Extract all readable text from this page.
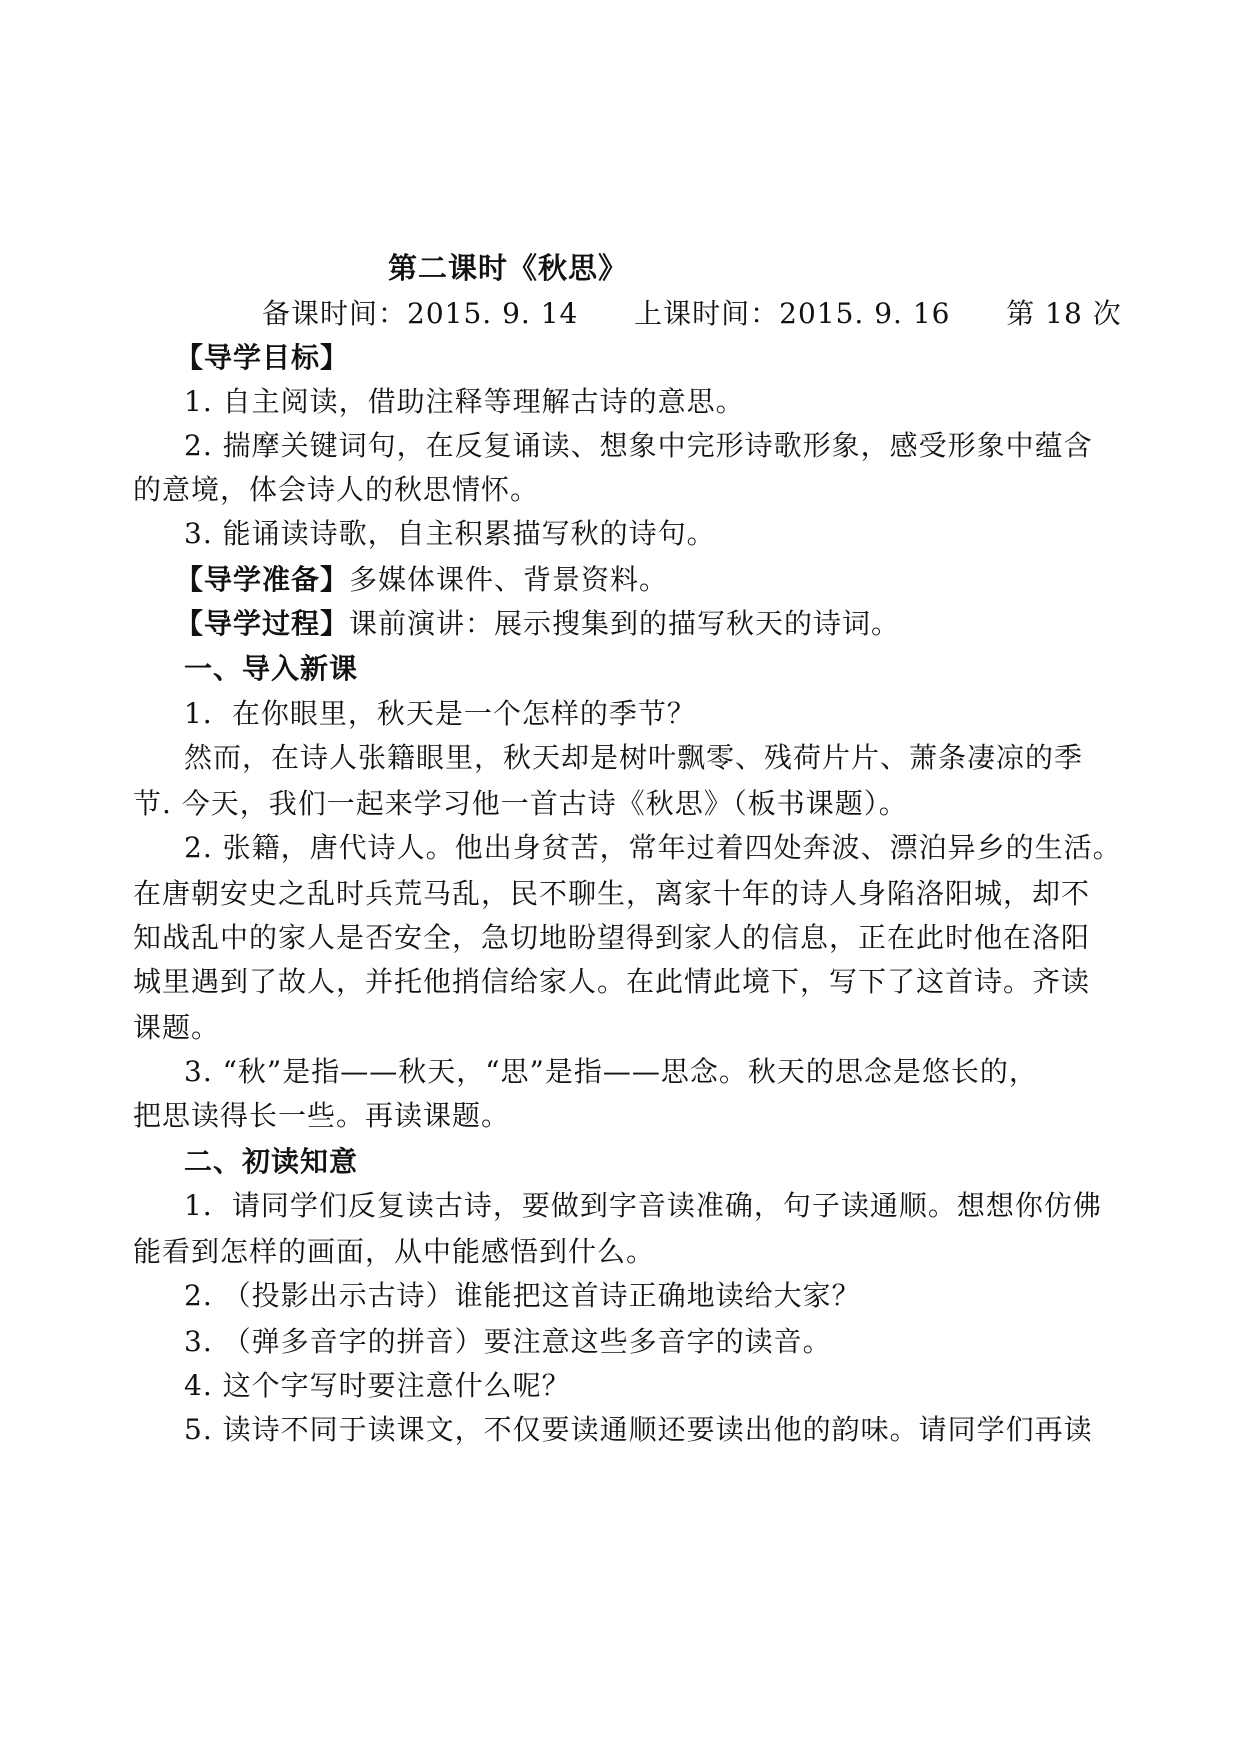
第二课时《秋思》
备课时间：2015. 9. 14 上课时间：2015. 9. 16 第 18 次
【导学目标】
1. 自主阅读，借助注释等理解古诗的意思。
2. 揣摩关键词句，在反复诵读、想象中完形诗歌形象，感受形象中蕴含
的意境，体会诗人的秋思情怀。
3. 能诵读诗歌，自主积累描写秋的诗句。
【导学准备】多媒体课件、背景资料。
【导学过程】课前演讲：展示搜集到的描写秋天的诗词。
一、导入新课
1．在你眼里，秋天是一个怎样的季节？
然而，在诗人张籍眼里，秋天却是树叶飘零、残荷片片、萧条凄凉的季
节. 今天，我们一起来学习他一首古诗《秋思》（板书课题）。
2. 张籍，唐代诗人。他出身贫苦，常年过着四处奔波、漂泊异乡的生活。
在唐朝安史之乱时兵荒马乱，民不聊生，离家十年的诗人身陷洛阳城，却不
知战乱中的家人是否安全，急切地盼望得到家人的信息，正在此时他在洛阳
城里遇到了故人，并托他捎信给家人。在此情此境下，写下了这首诗。齐读
课题。
3. “秋”是指——秋天，“思”是指——思念。秋天的思念是悠长的，
把思读得长一些。再读课题。
二、初读知意
1．请同学们反复读古诗，要做到字音读准确，句子读通顺。想想你仿佛
能看到怎样的画面，从中能感悟到什么。
2. （投影出示古诗）谁能把这首诗正确地读给大家？
3. （弹多音字的拼音）要注意这些多音字的读音。
4. 这个字写时要注意什么呢？
5. 读诗不同于读课文，不仅要读通顺还要读出他的韵味。请同学们再读
